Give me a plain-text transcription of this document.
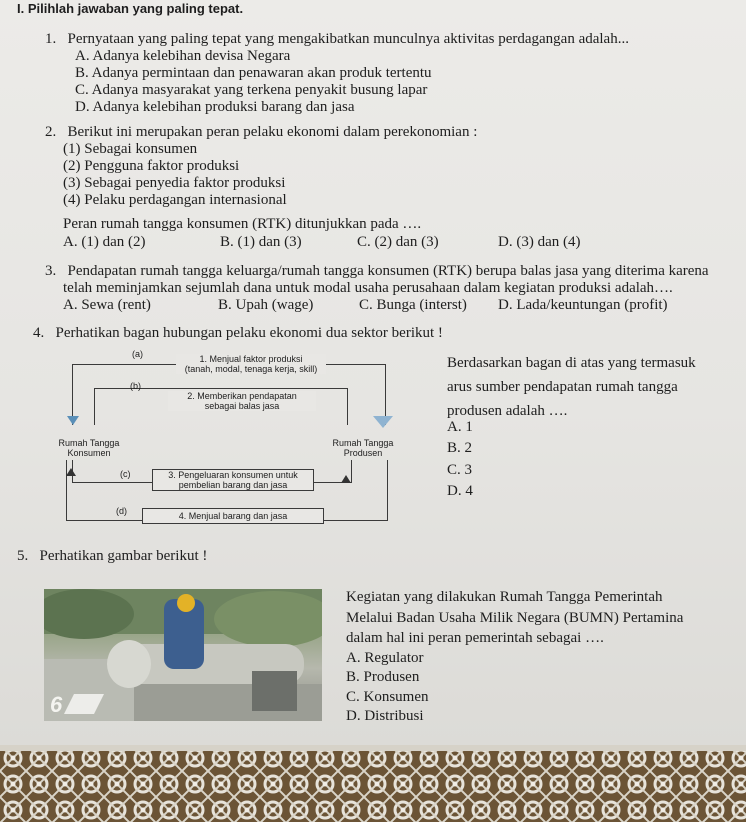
I. Pilihlah jawaban yang paling tepat.
1. Pernyataan yang paling tepat yang mengakibatkan munculnya aktivitas perdagangan adalah...
A. Adanya kelebihan devisa Negara
B. Adanya permintaan dan penawaran akan produk tertentu
C. Adanya masyarakat yang terkena penyakit busung lapar
D. Adanya kelebihan produksi barang dan jasa
2. Berikut ini merupakan peran pelaku ekonomi dalam perekonomian :
(1) Sebagai konsumen
(2) Pengguna faktor produksi
(3) Sebagai penyedia faktor produksi
(4) Pelaku perdagangan internasional
Peran rumah tangga konsumen (RTK) ditunjukkan pada ….
A. (1) dan (2)	B. (1) dan (3)	C. (2) dan (3)	D. (3) dan (4)
3. Pendapatan rumah tangga keluarga/rumah tangga konsumen (RTK) berupa balas jasa yang diterima karena
telah meminjamkan sejumlah dana untuk modal usaha perusahaan dalam kegiatan produksi adalah….
A. Sewa (rent)	B. Upah (wage)	C. Bunga (interst) D. Lada/keuntungan (profit)
4. Perhatikan bagan hubungan pelaku ekonomi dua sektor berikut !
(a)	1. Menjual faktor produksi
(tanah, modal, tenaga kerja, skill)
(b)
2. Memberikan pendapatan
sebagai balas jasa
Rumah Tangga
Konsumen
Rumah Tangga
Produsen
(c)	3. Pengeluaran konsumen untuk
pembelian barang dan jasa
(d)	4. Menjual barang dan jasa
Berdasarkan bagan di atas yang termasuk
arus sumber pendapatan rumah tangga
produsen adalah ….
A. 1
B. 2
C. 3
D. 4
5. Perhatikan gambar berikut !
6
Kegiatan yang dilakukan Rumah Tangga Pemerintah
Melalui Badan Usaha Milik Negara (BUMN) Pertamina
dalam hal ini peran pemerintah sebagai ….
A. Regulator
B. Produsen
C. Konsumen
D. Distribusi
